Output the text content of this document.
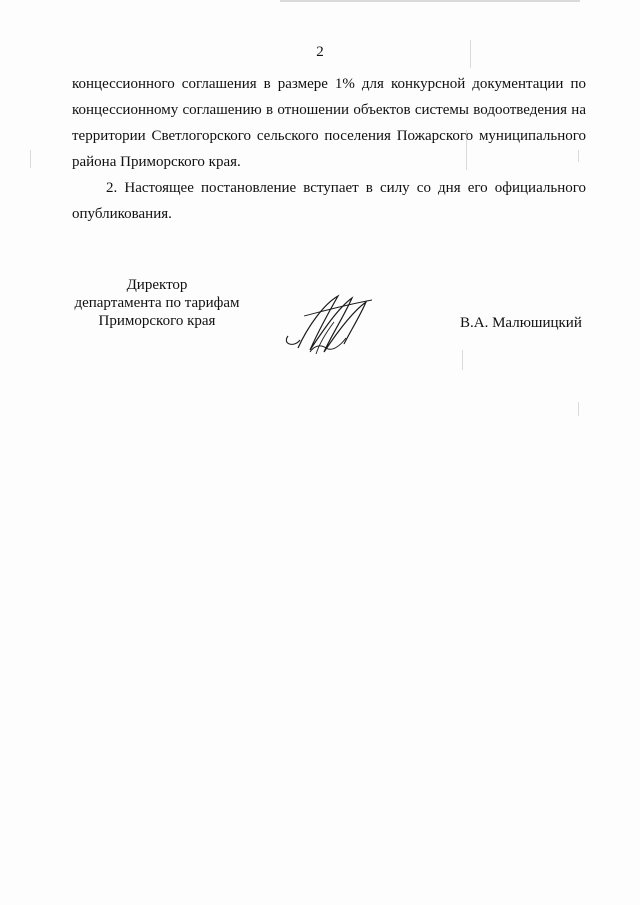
2
концессионного соглашения в размере 1% для конкурсной документации по
концессионному соглашению в отношении объектов системы водоотведения на
территории Светлогорского сельского поселения Пожарского муниципального
района Приморского края.
2. Настоящее постановление вступает в силу со дня его официального
опубликования.
Директор
департамента по тарифам
Приморского края	В.А. Малюшицкий
